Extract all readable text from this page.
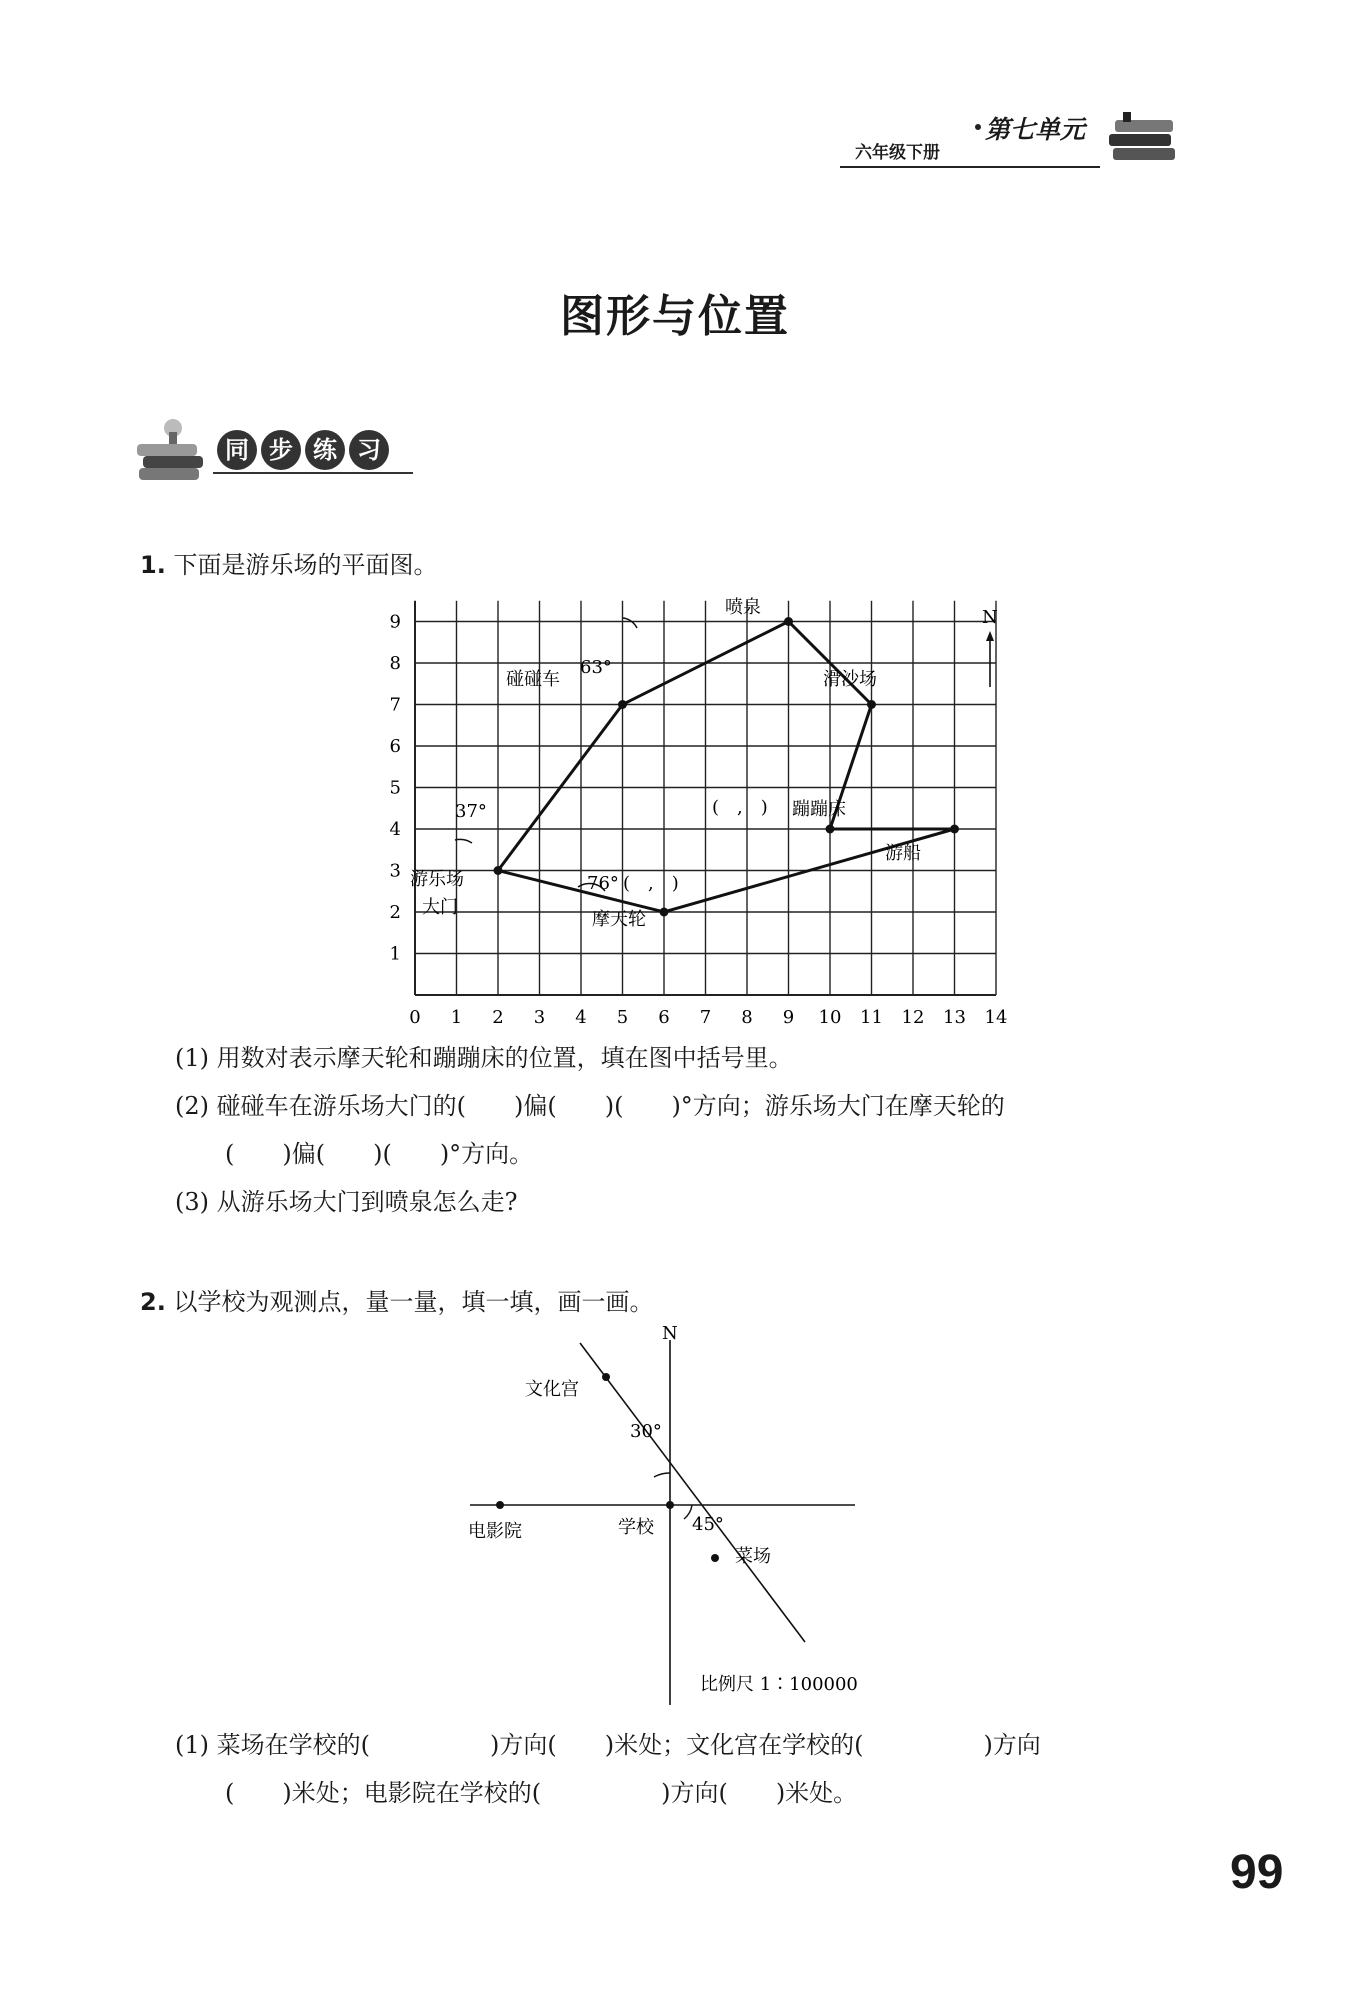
第七单元
六年级下册
图形与位置
同 步 练 习
1. 下面是游乐场的平面图。
0 1 2 3 4 5 6 7 8 9 10 11 12 13 14
1
2
3
4
5
6
7
8
9
63°
37°
76° (　,　)
(　,　)
喷泉
滑沙场
碰碰车
蹦蹦床
游船
游乐场
大门
摩天轮
N
(1) 用数对表示摩天轮和蹦蹦床的位置，填在图中括号里。
(2) 碰碰车在游乐场大门的(　　)偏(　　)(　　)°方向；游乐场大门在摩天轮的
(　　)偏(　　)(　　)°方向。
(3) 从游乐场大门到喷泉怎么走?
2. 以学校为观测点，量一量，填一填，画一画。
N
30°
45°
文化宫
电影院	学校
菜场
比例尺 1∶100000
(1) 菜场在学校的(　　　　　)方向(　　)米处；文化宫在学校的(　　　　　)方向
(　　)米处；电影院在学校的(　　　　　)方向(　　)米处。
99
